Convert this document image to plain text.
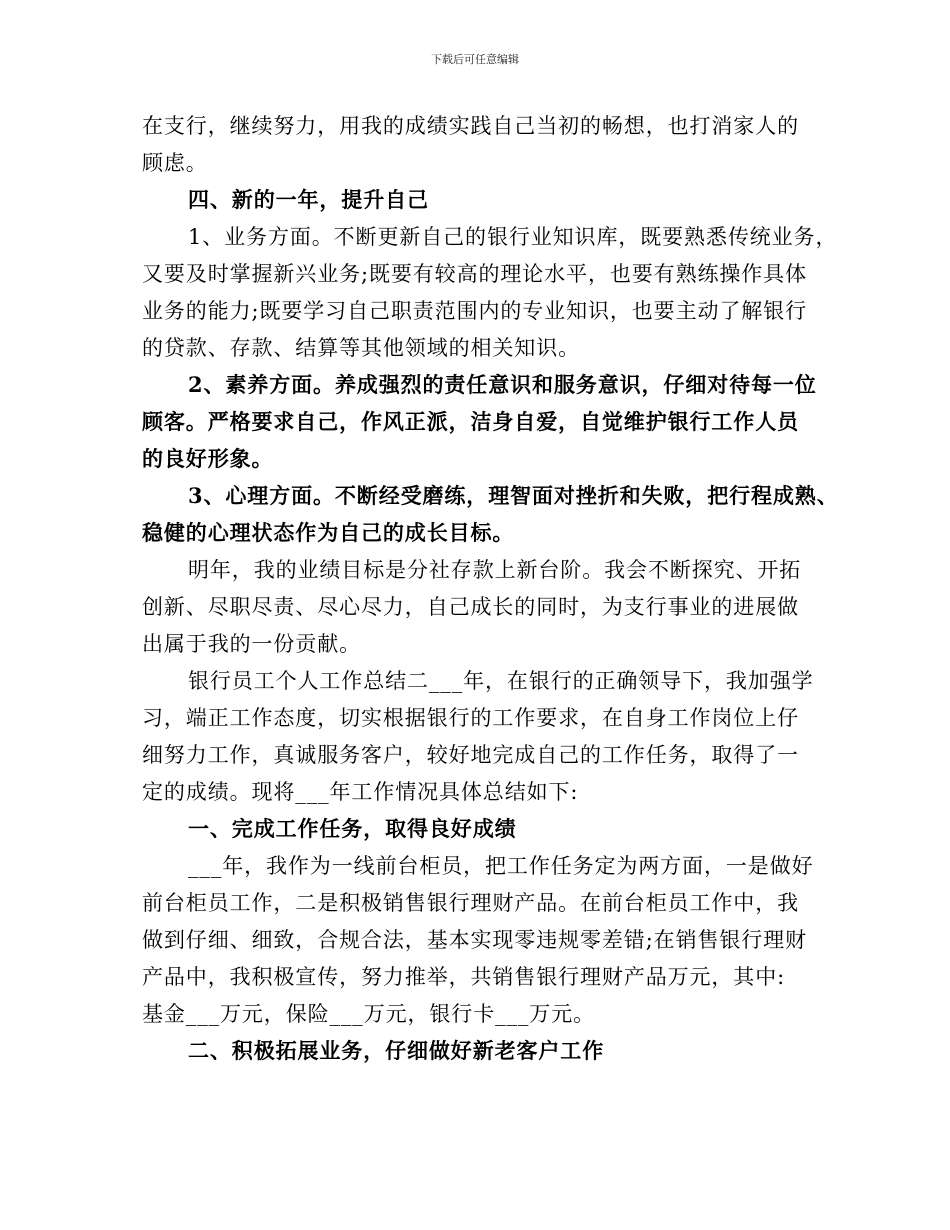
下载后可任意编辑
在支行，继续努力，用我的成绩实践自己当初的畅想，也打消家人的
顾虑。
四、新的一年，提升自己
1、业务方面。不断更新自己的银行业知识库，既要熟悉传统业务，
又要及时掌握新兴业务;既要有较高的理论水平，也要有熟练操作具体
业务的能力;既要学习自己职责范围内的专业知识，也要主动了解银行
的贷款、存款、结算等其他领域的相关知识。
2、素养方面。养成强烈的责任意识和服务意识，仔细对待每一位
顾客。严格要求自己，作风正派，洁身自爱，自觉维护银行工作人员
的良好形象。
3、心理方面。不断经受磨练，理智面对挫折和失败，把行程成熟、
稳健的心理状态作为自己的成长目标。
明年，我的业绩目标是分社存款上新台阶。我会不断探究、开拓
创新、尽职尽责、尽心尽力，自己成长的同时，为支行事业的进展做
出属于我的一份贡献。
银行员工个人工作总结二___年，在银行的正确领导下，我加强学
习，端正工作态度，切实根据银行的工作要求，在自身工作岗位上仔
细努力工作，真诚服务客户，较好地完成自己的工作任务，取得了一
定的成绩。现将___年工作情况具体总结如下:
一、完成工作任务，取得良好成绩
___年，我作为一线前台柜员，把工作任务定为两方面，一是做好
前台柜员工作，二是积极销售银行理财产品。在前台柜员工作中，我
做到仔细、细致，合规合法，基本实现零违规零差错;在销售银行理财
产品中，我积极宣传，努力推举，共销售银行理财产品万元，其中:
基金___万元，保险___万元，银行卡___万元。
二、积极拓展业务，仔细做好新老客户工作
